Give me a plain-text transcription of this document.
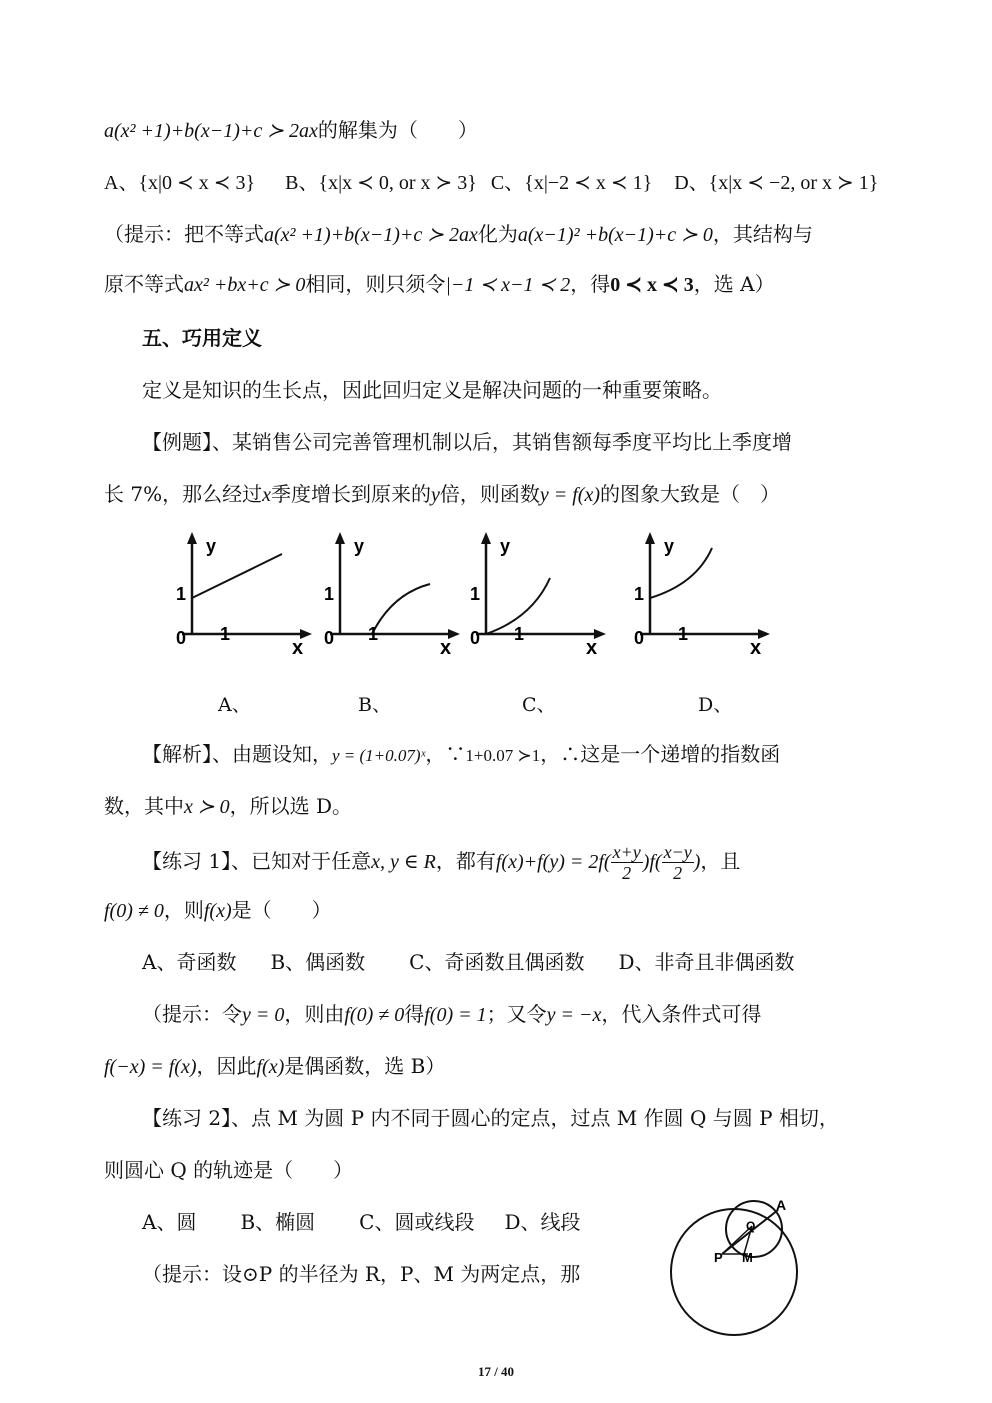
a(x² +1)+b(x−1)+c ≻ 2ax的解集为（　　）
A、{x|0 ≺ x ≺ 3} B、{x|x ≺ 0, or x ≻ 3} C、{x|−2 ≺ x ≺ 1} D、{x|x ≺ −2, or x ≻ 1}
（提示：把不等式a(x² +1)+b(x−1)+c ≻ 2ax化为a(x−1)² +b(x−1)+c ≻ 0，其结构与
原不等式ax² +bx+c ≻ 0相同，则只须令|−1 ≺ x−1 ≺ 2，得0 ≺ x ≺ 3，选 A）
五、巧用定义
定义是知识的生长点，因此回归定义是解决问题的一种重要策略。
【例题】、某销售公司完善管理机制以后，其销售额每季度平均比上季度增
长 7%，那么经过x季度增长到原来的y倍，则函数y = f(x)的图象大致是（　）
y
1
0 1
x
y
1
0 1
x
y
1
0 1
x
y
1
0 1
x
A、	B、	C、	D、
【解析】、由题设知，y = (1+0.07)ˣ，∵1+0.07 ≻1，∴这是一个递增的指数函
数，其中x ≻ 0，所以选 D。
【练习 1】、已知对于任意x, y ∈ R，都有$f(x)+f(y) = 2f( \frac{x+y}{2} )f( \frac{x-y}{2}$ )，且
f(0) ≠ 0，则f(x)是（　　）
A、奇函数 B、偶函数 C、奇函数且偶函数 D、非奇且非偶函数
（提示：令y = 0，则由f(0) ≠ 0得f(0) = 1；又令y = −x，代入条件式可得
f(−x) = f(x)，因此f(x)是偶函数，选 B）
【练习 2】、点 M 为圆 P 内不同于圆心的定点，过点 M 作圆 Q 与圆 P 相切，
则圆心 Q 的轨迹是（　　）
A、圆 B、椭圆 C、圆或线段 D、线段
（提示：设⊙P 的半径为 R，P、M 为两定点，那
A
Q
P M
17 / 40
